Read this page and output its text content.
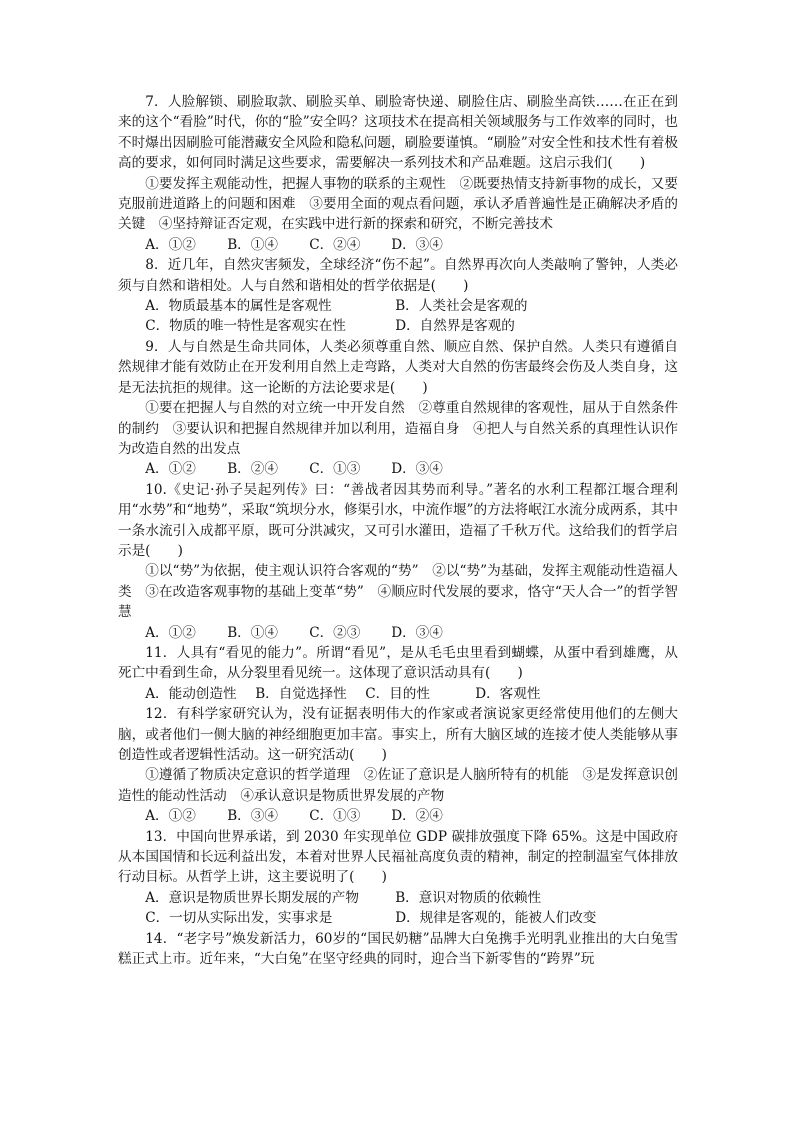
7．人脸解锁、刷脸取款、刷脸买单、刷脸寄快递、刷脸住店、刷脸坐高铁……在正在到来的这个“看脸”时代，你的“脸”安全吗？这项技术在提高相关领域服务与工作效率的同时，也不时爆出因刷脸可能潜藏安全风险和隐私问题，刷脸要谨慎。“刷脸”对安全性和技术性有着极高的要求，如何同时满足这些要求，需要解决一系列技术和产品难题。这启示我们(　　)

①要发挥主观能动性，把握人事物的联系的主观性　②既要热情支持新事物的成长，又要克服前进道路上的问题和困难　③要用全面的观点看问题，承认矛盾普遍性是正确解决矛盾的关键　④坚持辩证否定观，在实践中进行新的探索和研究，不断完善技术

A．①②	B．①④	C．②④	D．③④

8．近几年，自然灾害频发，全球经济“伤不起”。自然界再次向人类敲响了警钟，人类必须与自然和谐相处。人与自然和谐相处的哲学依据是(　　)

A．物质最基本的属性是客观性	B．人类社会是客观的
C．物质的唯一特性是客观实在性	D．自然界是客观的

9．人与自然是生命共同体，人类必须尊重自然、顺应自然、保护自然。人类只有遵循自然规律才能有效防止在开发利用自然上走弯路，人类对大自然的伤害最终会伤及人类自身，这是无法抗拒的规律。这一论断的方法论要求是(　　)

①要在把握人与自然的对立统一中开发自然　②尊重自然规律的客观性，屈从于自然条件的制约　③要认识和把握自然规律并加以利用，造福自身　④把人与自然关系的真理性认识作为改造自然的出发点

A．①②	B．②④	C．①③	D．③④

10.《史记·孙子吴起列传》曰：“善战者因其势而利导。”著名的水利工程都江堰合理利用“水势”和“地势”，采取“筑坝分水，修渠引水，中流作堰”的方法将岷江水流分成两系，其中一条水流引入成都平原，既可分洪减灾，又可引水灌田，造福了千秋万代。这给我们的哲学启示是(　　)

①以“势”为依据，使主观认识符合客观的“势”　②以“势”为基础，发挥主观能动性造福人类　③在改造客观事物的基础上变革“势”　④顺应时代发展的要求，恪守“天人合一”的哲学智慧

A．①②	B．①④	C．②③	D．③④

11．人具有“看见的能力”。所谓“看见”，是从毛毛虫里看到蝴蝶，从蛋中看到雄鹰，从死亡中看到生命，从分裂里看见统一。这体现了意识活动具有(　　)

A．能动创造性	B．自觉选择性	C．目的性	D．客观性

12．有科学家研究认为，没有证据表明伟大的作家或者演说家更经常使用他们的左侧大脑，或者他们一侧大脑的神经细胞更加丰富。事实上，所有大脑区域的连接才使人类能够从事创造性或者逻辑性活动。这一研究活动(　　)

①遵循了物质决定意识的哲学道理　②佐证了意识是人脑所特有的机能　③是发挥意识创造性的能动性活动　④承认意识是物质世界发展的产物

A．①②	B．③④	C．①③	D．②④

13．中国向世界承诺，到 2030 年实现单位 GDP 碳排放强度下降 65%。这是中国政府从本国国情和长远利益出发，本着对世界人民福祉高度负责的精神，制定的控制温室气体排放行动目标。从哲学上讲，这主要说明了(　　)

A．意识是物质世界长期发展的产物	B．意识对物质的依赖性
C．一切从实际出发，实事求是	D．规律是客观的，能被人们改变

14．“老字号”焕发新活力，60岁的“国民奶糖”品牌大白兔携手光明乳业推出的大白兔雪糕正式上市。近年来，“大白兔”在坚守经典的同时，迎合当下新零售的“跨界”玩
